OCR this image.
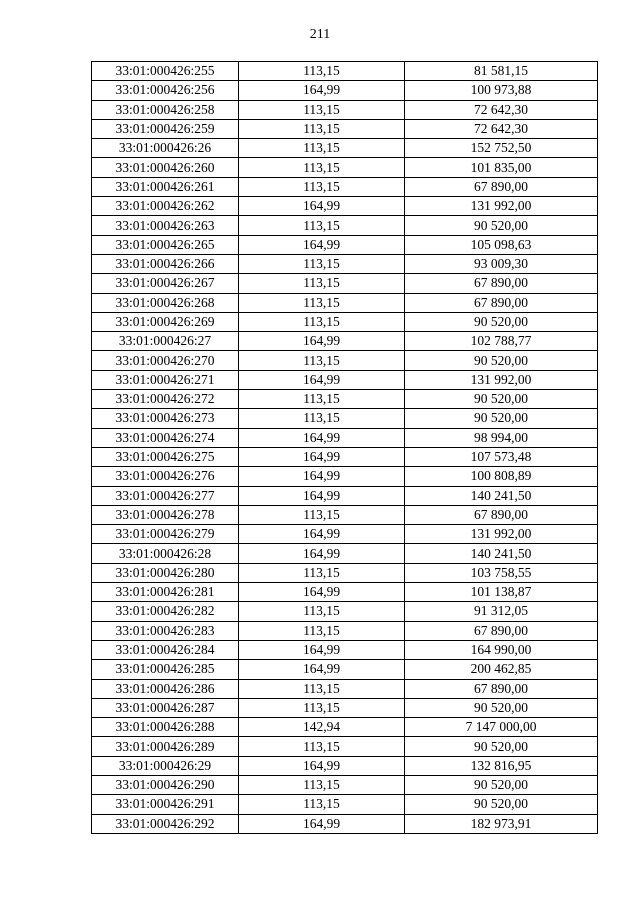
211
33:01:000426:255	113,15	81 581,15
33:01:000426:256	164,99	100 973,88
33:01:000426:258	113,15	72 642,30
33:01:000426:259	113,15	72 642,30
33:01:000426:26	113,15	152 752,50
33:01:000426:260	113,15	101 835,00
33:01:000426:261	113,15	67 890,00
33:01:000426:262	164,99	131 992,00
33:01:000426:263	113,15	90 520,00
33:01:000426:265	164,99	105 098,63
33:01:000426:266	113,15	93 009,30
33:01:000426:267	113,15	67 890,00
33:01:000426:268	113,15	67 890,00
33:01:000426:269	113,15	90 520,00
33:01:000426:27	164,99	102 788,77
33:01:000426:270	113,15	90 520,00
33:01:000426:271	164,99	131 992,00
33:01:000426:272	113,15	90 520,00
33:01:000426:273	113,15	90 520,00
33:01:000426:274	164,99	98 994,00
33:01:000426:275	164,99	107 573,48
33:01:000426:276	164,99	100 808,89
33:01:000426:277	164,99	140 241,50
33:01:000426:278	113,15	67 890,00
33:01:000426:279	164,99	131 992,00
33:01:000426:28	164,99	140 241,50
33:01:000426:280	113,15	103 758,55
33:01:000426:281	164,99	101 138,87
33:01:000426:282	113,15	91 312,05
33:01:000426:283	113,15	67 890,00
33:01:000426:284	164,99	164 990,00
33:01:000426:285	164,99	200 462,85
33:01:000426:286	113,15	67 890,00
33:01:000426:287	113,15	90 520,00
33:01:000426:288	142,94	7 147 000,00
33:01:000426:289	113,15	90 520,00
33:01:000426:29	164,99	132 816,95
33:01:000426:290	113,15	90 520,00
33:01:000426:291	113,15	90 520,00
33:01:000426:292	164,99	182 973,91
